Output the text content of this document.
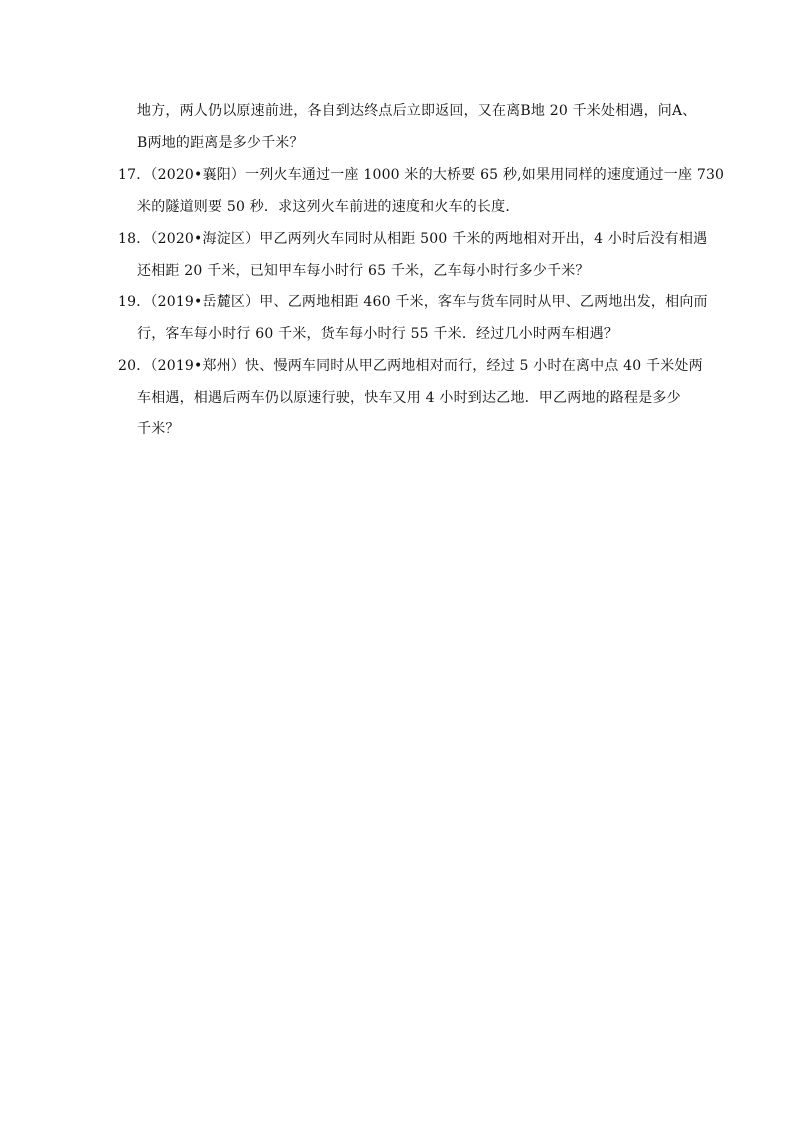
地方，两人仍以原速前进，各自到达终点后立即返回，又在离B地 20 千米处相遇，问A、
B两地的距离是多少千米？
17．（2020•襄阳）一列火车通过一座 1000 米的大桥要 65 秒,如果用同样的速度通过一座 730
米的隧道则要 50 秒．求这列火车前进的速度和火车的长度．
18．（2020•海淀区）甲乙两列火车同时从相距 500 千米的两地相对开出，4 小时后没有相遇
还相距 20 千米，已知甲车每小时行 65 千米，乙车每小时行多少千米？
19．（2019•岳麓区）甲、乙两地相距 460 千米，客车与货车同时从甲、乙两地出发，相向而
行，客车每小时行 60 千米，货车每小时行 55 千米．经过几小时两车相遇？
20．（2019•郑州）快、慢两车同时从甲乙两地相对而行，经过 5 小时在离中点 40 千米处两
车相遇，相遇后两车仍以原速行驶，快车又用 4 小时到达乙地．甲乙两地的路程是多少
千米？
